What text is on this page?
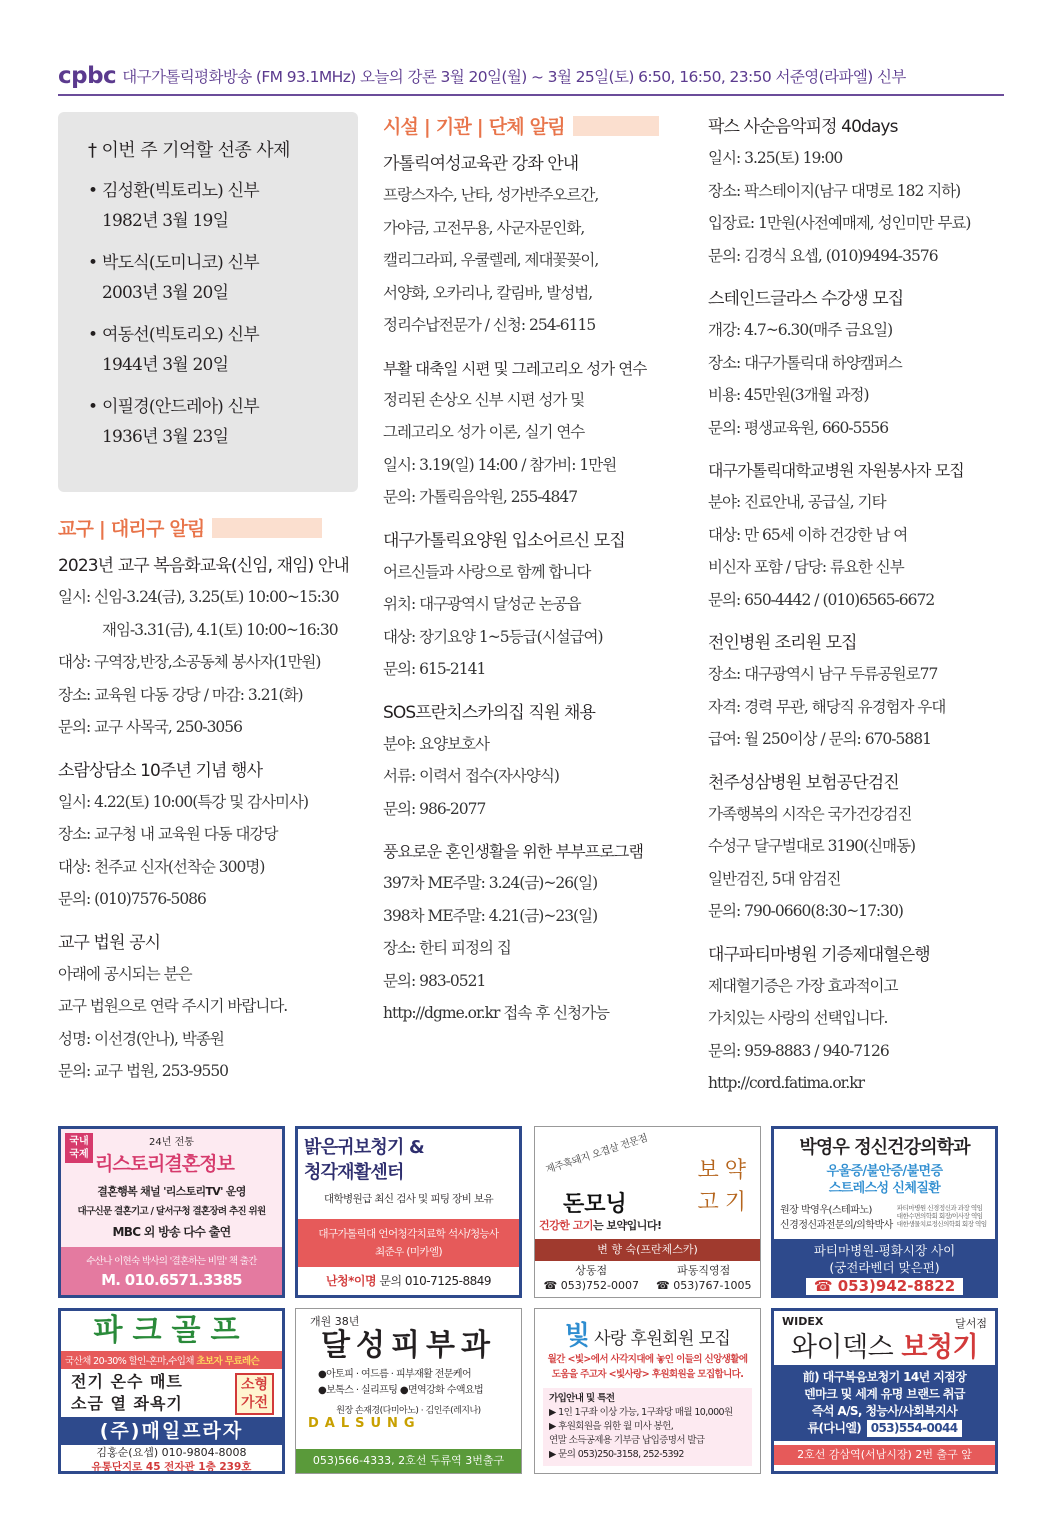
cpbc 대구가톨릭평화방송 (FM 93.1MHz) 오늘의 강론 3월 20일(월) ~ 3월 25일(토) 6:50, 16:50, 23:50 서준영(라파엘) 신부
† 이번 주 기억할 선종 사제
• 김성환(빅토리노) 신부
1982년 3월 19일
• 박도식(도미니코) 신부
2003년 3월 20일
• 여동선(빅토리오) 신부
1944년 3월 20일
• 이필경(안드레아) 신부
1936년 3월 23일
교구 | 대리구 알림
2023년 교구 복음화교육(신임, 재임) 안내

일시: 신임-3.24(금), 3.25(토) 10:00~15:30

재임-3.31(금), 4.1(토) 10:00~16:30

대상: 구역장,반장,소공동체 봉사자(1만원)

장소: 교육원 다동 강당 / 마감: 3.21(화)

문의: 교구 사목국, 250-3056

소람상담소 10주년 기념 행사

일시: 4.22(토) 10:00(특강 및 감사미사)

장소: 교구청 내 교육원 다동 대강당

대상: 천주교 신자(선착순 300명)

문의: (010)7576-5086

교구 법원 공시

아래에 공시되는 분은

교구 법원으로 연락 주시기 바랍니다.

성명: 이선경(안나), 박종원

문의: 교구 법원, 253-9550

시설 | 기관 | 단체 알림
가톨릭여성교육관 강좌 안내

프랑스자수, 난타, 성가반주오르간,

가야금, 고전무용, 사군자문인화,

캘리그라피, 우쿨렐레, 제대꽃꽂이,

서양화, 오카리나, 칼림바, 발성법,

정리수납전문가 / 신청: 254-6115

부활 대축일 시편 및 그레고리오 성가 연수

정리된 손상오 신부 시편 성가 및

그레고리오 성가 이론, 실기 연수

일시: 3.19(일) 14:00 / 참가비: 1만원

문의: 가톨릭음악원, 255-4847

대구가톨릭요양원 입소어르신 모집

어르신들과 사랑으로 함께 합니다

위치: 대구광역시 달성군 논공읍

대상: 장기요양 1~5등급(시설급여)

문의: 615-2141

SOS프란치스카의집 직원 채용

분야: 요양보호사

서류: 이력서 접수(자사양식)

문의: 986-2077

풍요로운 혼인생활을 위한 부부프로그램

397차 ME주말: 3.24(금)~26(일)

398차 ME주말: 4.21(금)~23(일)

장소: 한티 피정의 집

문의: 983-0521

http://dgme.or.kr 접속 후 신청가능

팍스 사순음악피정 40days

일시: 3.25(토) 19:00

장소: 팍스테이지(남구 대명로 182 지하)

입장료: 1만원(사전예매제, 성인미만 무료)

문의: 김경식 요셉, (010)9494-3576

스테인드글라스 수강생 모집

개강: 4.7~6.30(매주 금요일)

장소: 대구가톨릭대 하양캠퍼스

비용: 45만원(3개월 과정)

문의: 평생교육원, 660-5556

대구가톨릭대학교병원 자원봉사자 모집

분야: 진료안내, 공급실, 기타

대상: 만 65세 이하 건강한 남 여

비신자 포함 / 담당: 류요한 신부

문의: 650-4442 / (010)6565-6672

전인병원 조리원 모집

장소: 대구광역시 남구 두류공원로77

자격: 경력 무관, 해당직 유경험자 우대

급여: 월 250이상 / 문의: 670-5881

천주성삼병원 보험공단검진

가족행복의 시작은 국가건강검진

수성구 달구벌대로 3190(신매동)

일반검진, 5대 암검진

문의: 790-0660(8:30~17:30)

대구파티마병원 기증제대혈은행

제대혈기증은 가장 효과적이고

가치있는 사랑의 선택입니다.

문의: 959-8883 / 940-7126

http://cord.fatima.or.kr

국내 국제
24년 전통
리스토리결혼정보
결혼행복 채널 '리스토리TV' 운영
대구신문 결혼기고 / 달서구청 결혼장려 추진 위원
MBC 외 방송 다수 출연
수산나 이현숙 박사의 '결혼하는 비밀' 책 출간
M. 010.6571.3385
밝은귀보청기 &
청각재활센터
대학병원급 최신 검사 및 피팅 장비 보유
대구가톨릭대 언어청각치료학 석사/청능사
최준우 (미카엘)
난청*이명 문의 010-7125-8849
제주흑돼지 오겹살 전문점 보약
고기
돈모닝
건강한 고기는 보약입니다!
변 향 숙(프란체스카)
상동점
☎ 053)752-0007
파동직영점
☎ 053)767-1005
박영우 정신건강의학과
우울증/불안증/불면증
스트레스성 신체질환
원장 박영우(스테파노)
신경정신과전문의/의학박사
파티마병원 신경정신과 과장 역임
대한수면의학회 회장/이사장 역임
대한생물치료정신의학회 회장 역임
파티마병원-평화시장 사이
(궁전라벤더 맞은편)
☎ 053)942-8822
파크골프
국산채 20-30% 할인-혼마,수입채 초보자 무료레슨
전기 온수 매트
소금 열 좌욕기
소형
가전
(주)매일프라자
김홍순(요셉) 010-9804-8008
유통단지로 45 전자관 1층 239호
개원 38년
달성피부과
●아토피 · 여드름 · 피부재활 전문케어
●보톡스 · 실리프팅 ●면역강화 수액요법
원장 손재경(다미아노) · 김인주(레지나)
DALSUNG
053)566-4333, 2호선 두류역 3번출구
빛 사랑 후원회원 모집
월간 <빛>에서 사각지대에 놓인 이들의 신앙생활에
도움을 주고자 <빛사랑> 후원회원을 모집합니다.
가입안내 및 특전
▶ 1인 1구좌 이상 가능, 1구좌당 매월 10,000원
▶ 후원회원을 위한 월 미사 봉헌,
연말 소득공제용 기부금 납입증명서 발급
▶ 문의 053)250-3158, 252-5392
WIDEX	달서점
와이덱스 보청기
前) 대구복음보청기 14년 지점장
덴마크 및 세계 유명 브랜드 취급
즉석 A/S, 청능사/사회복지사
류(다니엘) 053)554-0044
2호선 감삼역(서남시장) 2번 출구 앞
